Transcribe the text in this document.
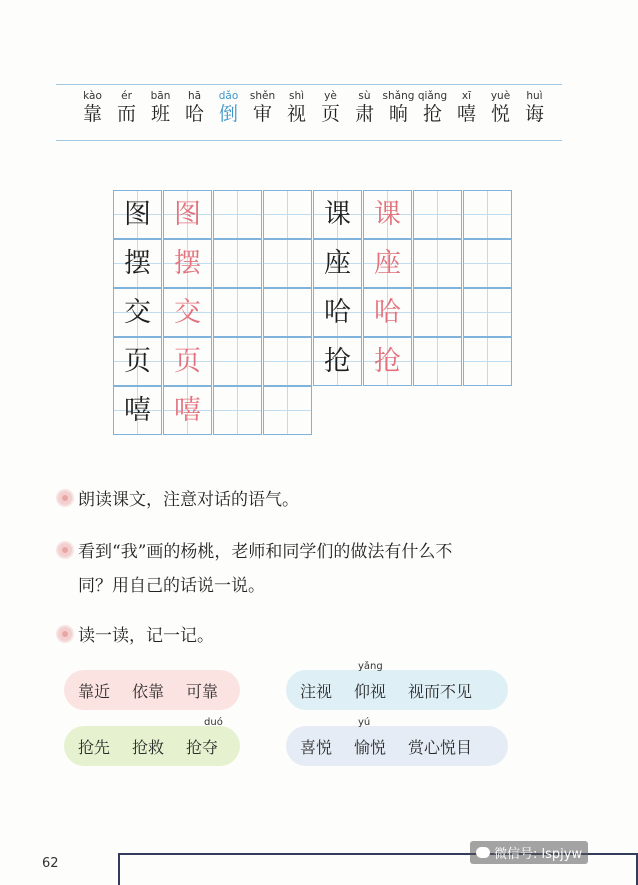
kào
靠
ér
而
bān
班
hā
哈
dǎo
倒
shěn
审
shì
视
yè
页
sù
肃
shǎng
晌
qiǎng
抢
xī
嘻
yuè
悦
huì
诲
图 图	课 课
摆 摆	座 座
交 交	哈 哈
页 页	抢 抢
嘻 嘻
朗读课文，注意对话的语气。
看到“我”画的杨桃，老师和同学们的做法有什么不
同？用自己的话说一说。
读一读，记一记。
靠近 依靠 可靠	注视 仰视
yǎng
视而不见
抢先 抢救 抢夺
duó
喜悦 愉悦
yú
赏心悦目
62
微信号: lspjyw
